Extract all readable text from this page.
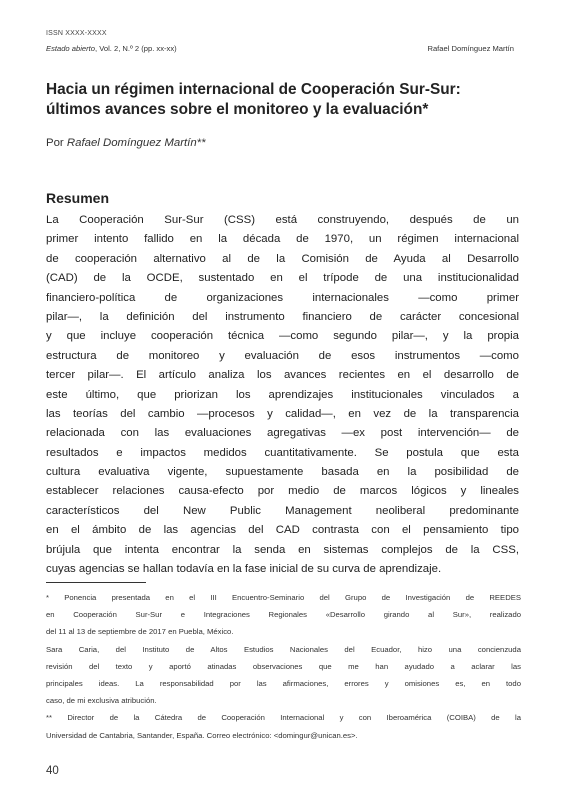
ISSN XXXX-XXXX
Estado abierto, Vol. 2, N.º 2 (pp. xx-xx)	Rafael Domínguez Martín
Hacia un régimen internacional de Cooperación Sur-Sur:
últimos avances sobre el monitoreo y la evaluación*
Por Rafael Domínguez Martín**
Resumen
La Cooperación Sur-Sur (CSS) está construyendo, después de un
primer intento fallido en la década de 1970, un régimen internacional
de cooperación alternativo al de la Comisión de Ayuda al Desarrollo
(CAD) de la OCDE, sustentado en el trípode de una institucionalidad
financiero-política de organizaciones internacionales —como primer
pilar—, la definición del instrumento financiero de carácter concesional
y que incluye cooperación técnica —como segundo pilar—, y la propia
estructura de monitoreo y evaluación de esos instrumentos —como
tercer pilar—. El artículo analiza los avances recientes en el desarrollo de
este último, que priorizan los aprendizajes institucionales vinculados a
las teorías del cambio —procesos y calidad—, en vez de la transparencia
relacionada con las evaluaciones agregativas —ex post intervención— de
resultados e impactos medidos cuantitativamente. Se postula que esta
cultura evaluativa vigente, supuestamente basada en la posibilidad de
establecer relaciones causa-efecto por medio de marcos lógicos y lineales
característicos del New Public Management neoliberal predominante
en el ámbito de las agencias del CAD contrasta con el pensamiento tipo
brújula que intenta encontrar la senda en sistemas complejos de la CSS,
cuyas agencias se hallan todavía en la fase inicial de su curva de aprendizaje.
* Ponencia presentada en el III Encuentro-Seminario del Grupo de Investigación de REEDES
en Cooperación Sur-Sur e Integraciones Regionales «Desarrollo girando al Sur», realizado
del 11 al 13 de septiembre de 2017 en Puebla, México.
Sara Caria, del Instituto de Altos Estudios Nacionales del Ecuador, hizo una concienzuda
revisión del texto y aportó atinadas observaciones que me han ayudado a aclarar las
principales ideas. La responsabilidad por las afirmaciones, errores y omisiones es, en todo
caso, de mi exclusiva atribución.
** Director de la Cátedra de Cooperación Internacional y con Iberoamérica (COIBA) de la
Universidad de Cantabria, Santander, España. Correo electrónico: <domingur@unican.es>.
40
